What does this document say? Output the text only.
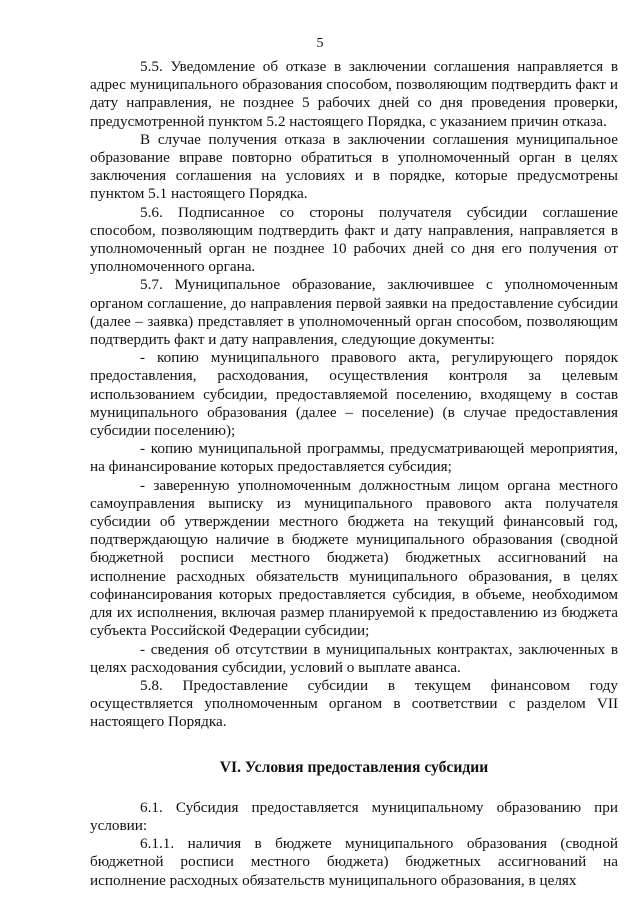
5

5.5. Уведомление об отказе в заключении соглашения направляется в адрес муниципального образования способом, позволяющим подтвердить факт и дату направления, не позднее 5 рабочих дней со дня проведения проверки, предусмотренной пунктом 5.2 настоящего Порядка, с указанием причин отказа.

В случае получения отказа в заключении соглашения муниципальное образование вправе повторно обратиться в уполномоченный орган в целях заключения соглашения на условиях и в порядке, которые предусмотрены пунктом 5.1 настоящего Порядка.

5.6. Подписанное со стороны получателя субсидии соглашение способом, позволяющим подтвердить факт и дату направления, направляется в уполномоченный орган не позднее 10 рабочих дней со дня его получения от уполномоченного органа.

5.7. Муниципальное образование, заключившее с уполномоченным органом соглашение, до направления первой заявки на предоставление субсидии (далее – заявка) представляет в уполномоченный орган способом, позволяющим подтвердить факт и дату направления, следующие документы:

- копию муниципального правового акта, регулирующего порядок предоставления, расходования, осуществления контроля за целевым использованием субсидии, предоставляемой поселению, входящему в состав муниципального образования (далее – поселение) (в случае предоставления субсидии поселению);

- копию муниципальной программы, предусматривающей мероприятия, на финансирование которых предоставляется субсидия;

- заверенную уполномоченным должностным лицом органа местного самоуправления выписку из муниципального правового акта получателя субсидии об утверждении местного бюджета на текущий финансовый год, подтверждающую наличие в бюджете муниципального образования (сводной бюджетной росписи местного бюджета) бюджетных ассигнований на исполнение расходных обязательств муниципального образования, в целях софинансирования которых предоставляется субсидия, в объеме, необходимом для их исполнения, включая размер планируемой к предоставлению из бюджета субъекта Российской Федерации субсидии;

- сведения об отсутствии в муниципальных контрактах, заключенных в целях расходования субсидии, условий о выплате аванса.

5.8. Предоставление субсидии в текущем финансовом году осуществляется уполномоченным органом в соответствии с разделом VII настоящего Порядка.

VI. Условия предоставления субсидии

6.1. Субсидия предоставляется муниципальному образованию при условии:

6.1.1. наличия в бюджете муниципального образования (сводной бюджетной росписи местного бюджета) бюджетных ассигнований на исполнение расходных обязательств муниципального образования, в целях
